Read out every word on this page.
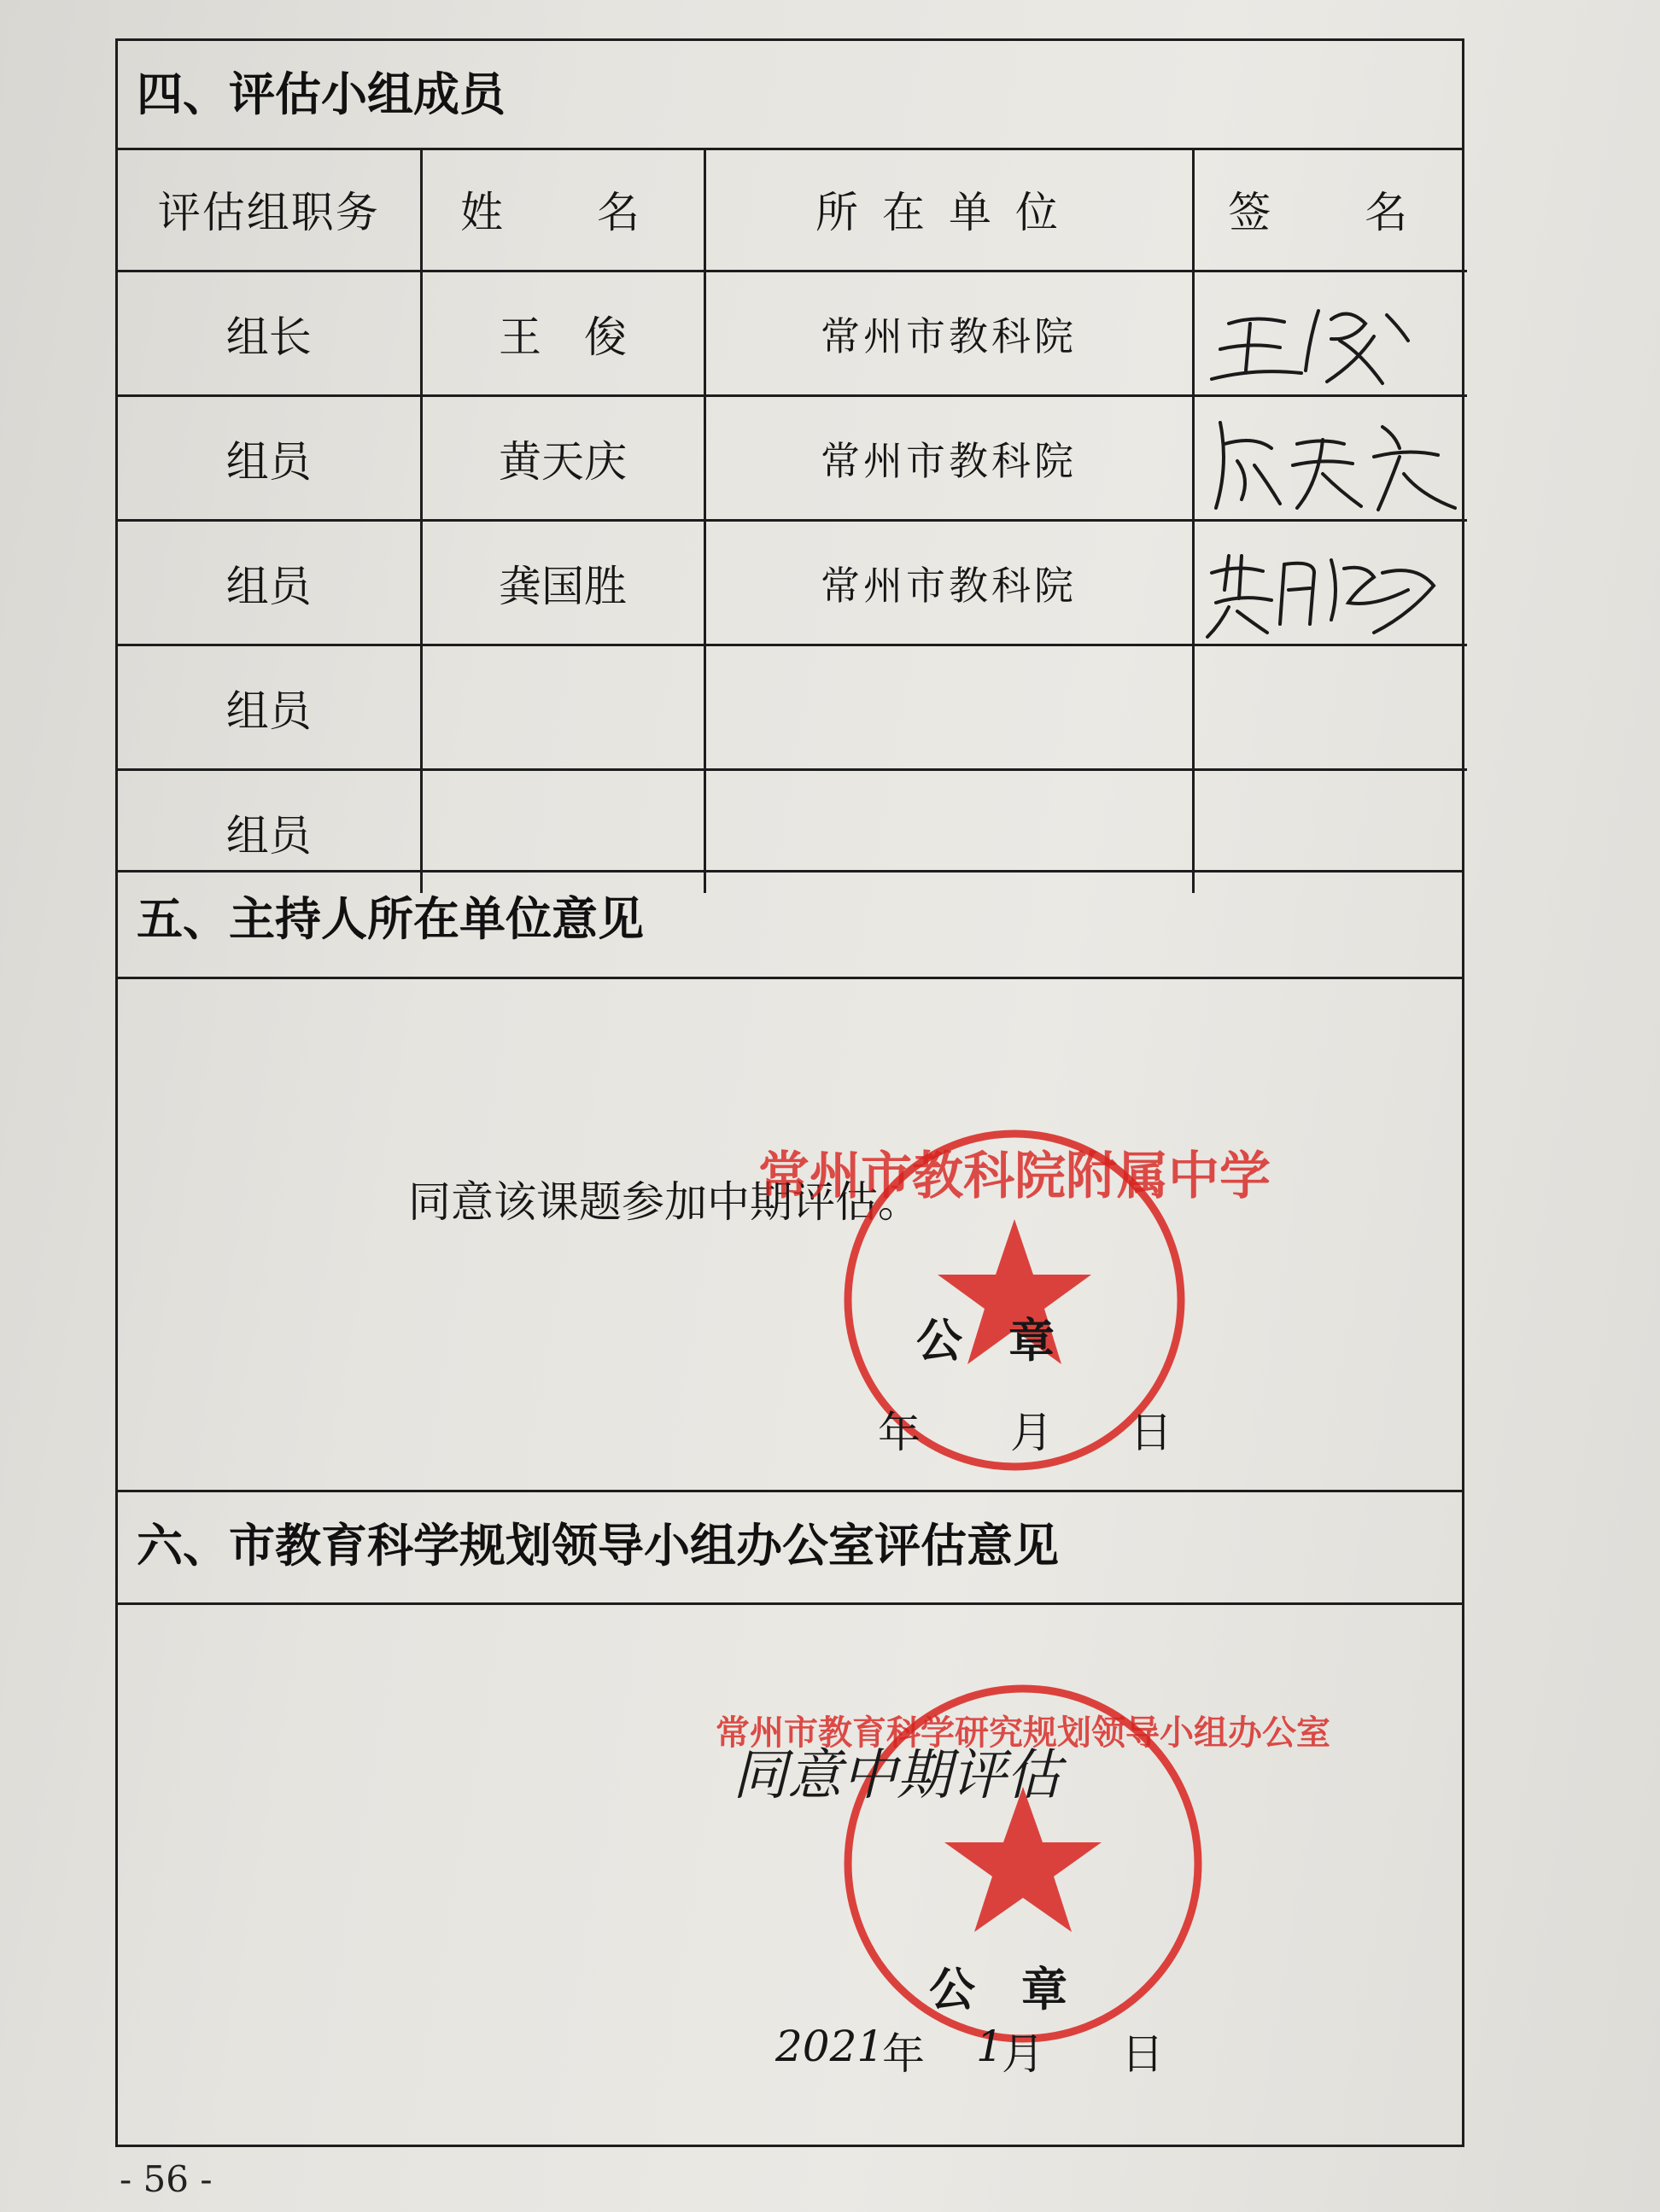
四、评估小组成员
评估组职务	姓　名	所在单位	签　名
组长	王　俊	常州市教科院	

组员	黄天庆	常州市教科院	

组员	龚国胜	常州市教科院	

组员			
组员			
五、主持人所在单位意见
同意该课题参加中期评估。
常州市教科院附属中学
公　章
年 月 日
六、市教育科学规划领导小组办公室评估意见
常州市教育科学研究规划领导小组办公室
同意中期评估
公　章
2021
年 1
月 日
- 56 -
